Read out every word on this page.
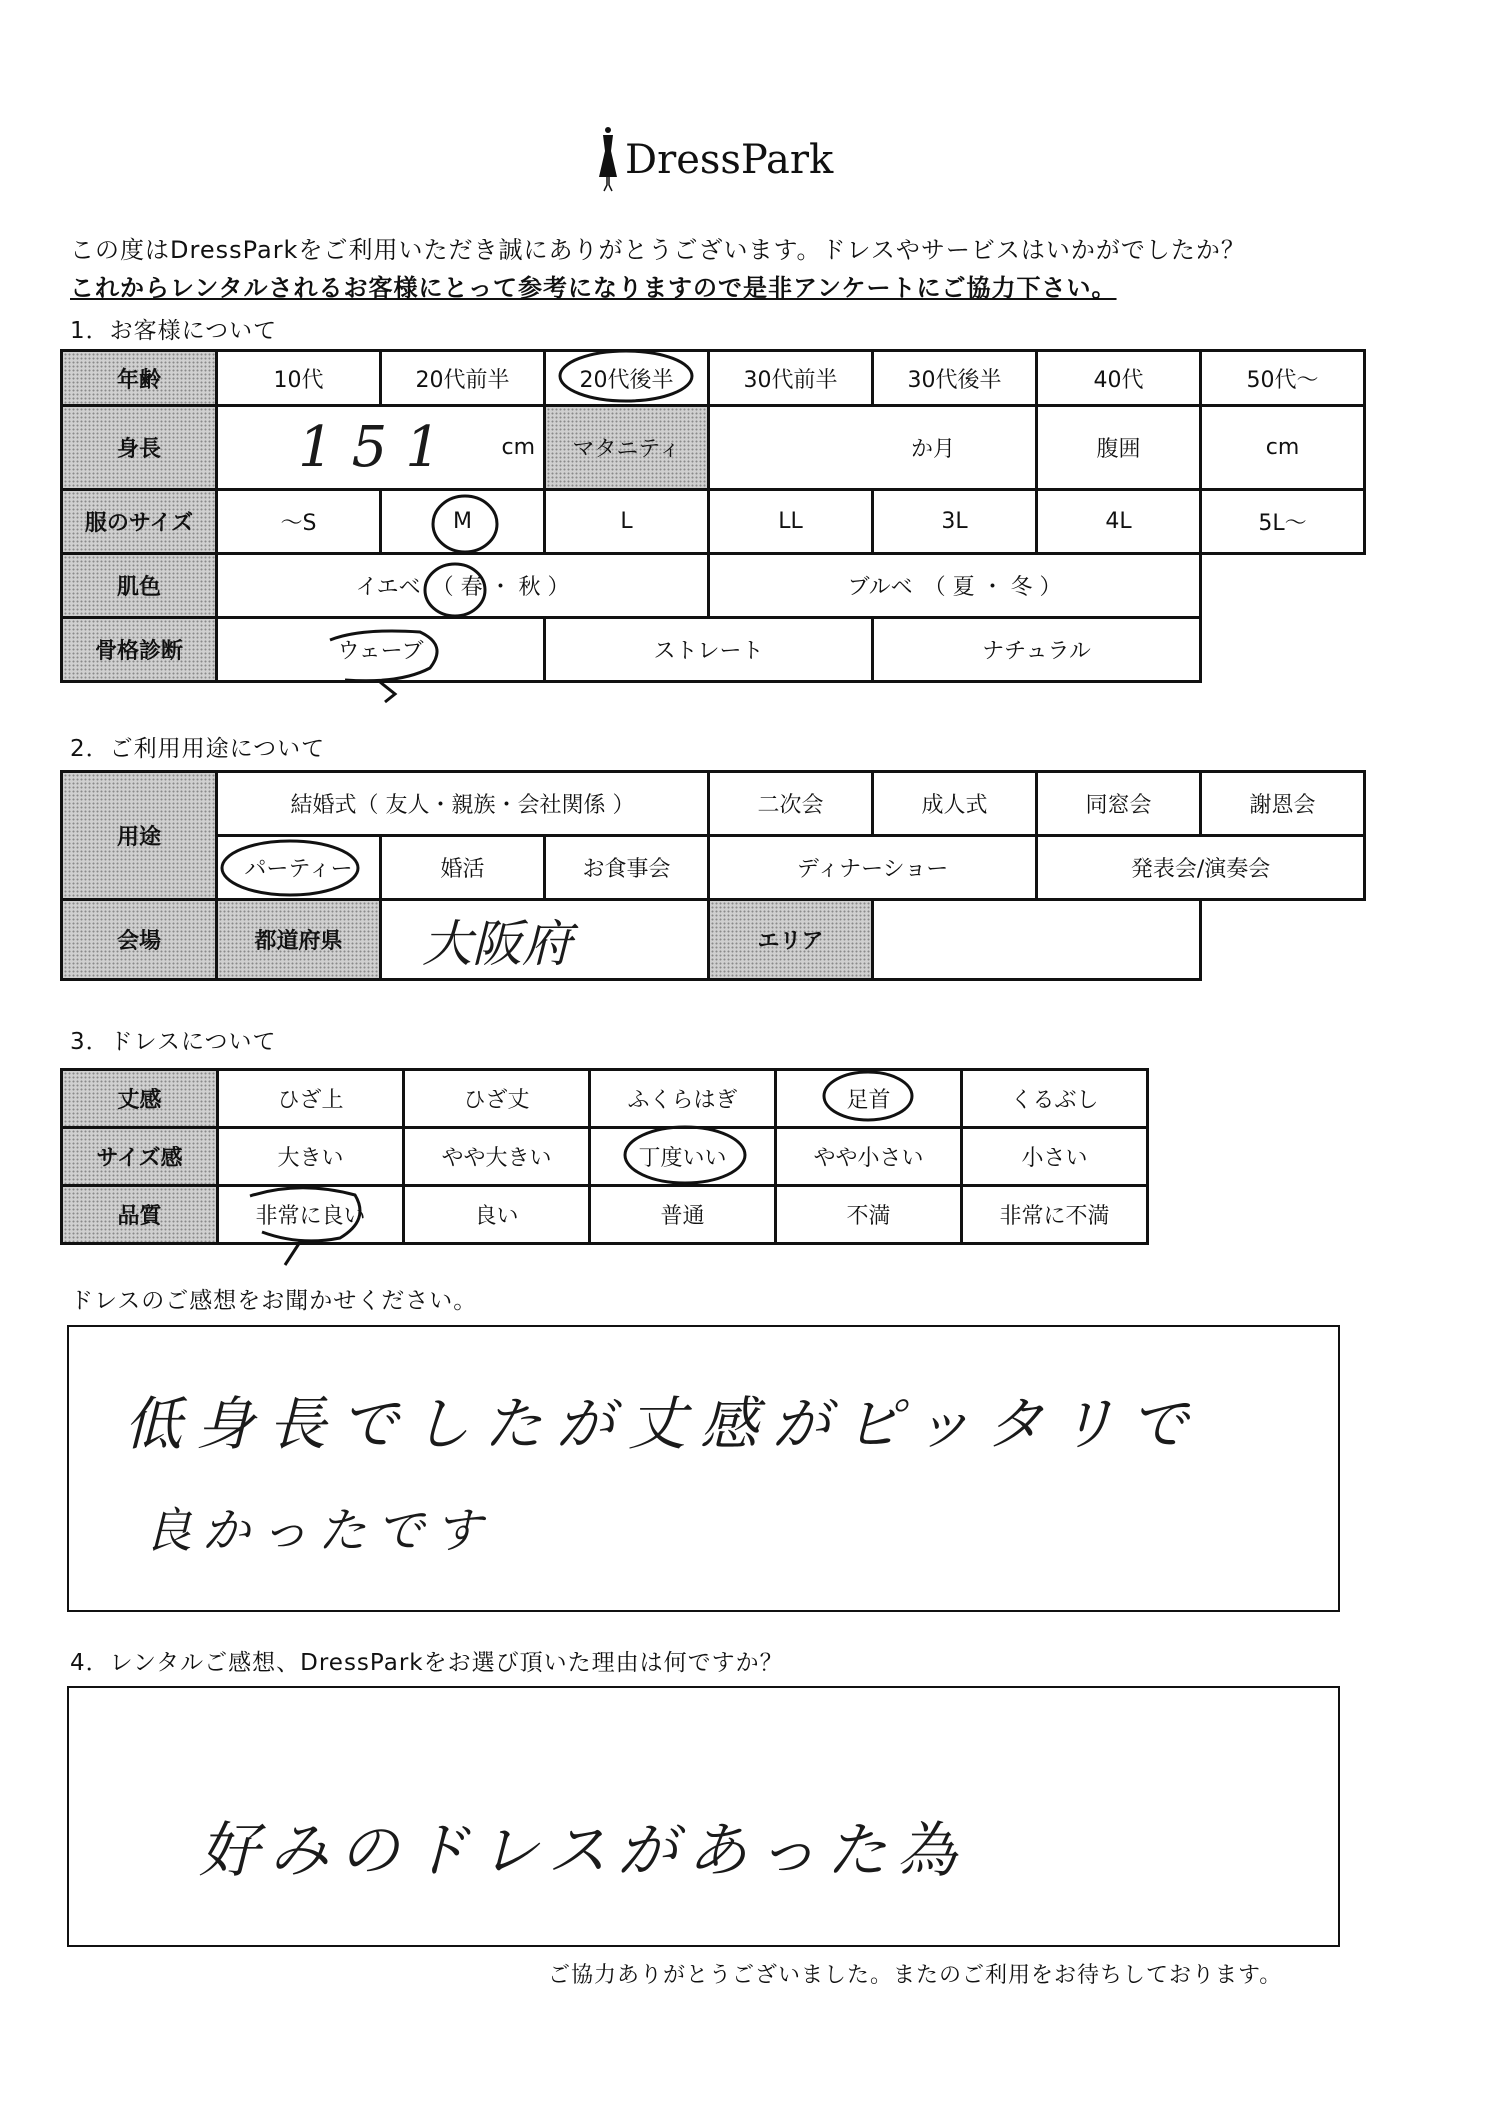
DressPark
この度はDressParkをご利用いただき誠にありがとうございます。ドレスやサービスはいかがでしたか？
これからレンタルされるお客様にとって参考になりますので是非アンケートにご協力下さい。
1．お客様について
年齢	10代	20代前半	20代後半	30代前半	30代後半	40代	50代〜
身長	151 cm		マタニティ	か月		腹囲	cm
服のサイズ	〜S	M	L	LL	3L	4L	5L〜
肌色	イエベ　（ 春 ・ 秋 ）			ブルベ　（ 夏 ・ 冬 ）			
骨格診断	ウェーブ		ストレート		ナチュラル		
2．ご利用用途について
用途	結婚式（ 友人・親族・会社関係 ）			二次会	成人式	同窓会	謝恩会
	パーティー	婚活	お食事会	ディナーショー		発表会/演奏会	
会場	都道府県	大阪府		エリア			
3．ドレスについて
丈感	ひざ上	ひざ丈	ふくらはぎ	足首	くるぶし
サイズ感	大きい	やや大きい	丁度いい	やや小さい	小さい
品質	非常に良い	良い	普通	不満	非常に不満
ドレスのご感想をお聞かせください。
低身長でしたが丈感がピッタリで
良かったです
4．レンタルご感想、DressParkをお選び頂いた理由は何ですか？
好みのドレスがあった為
ご協力ありがとうございました。またのご利用をお待ちしております。
